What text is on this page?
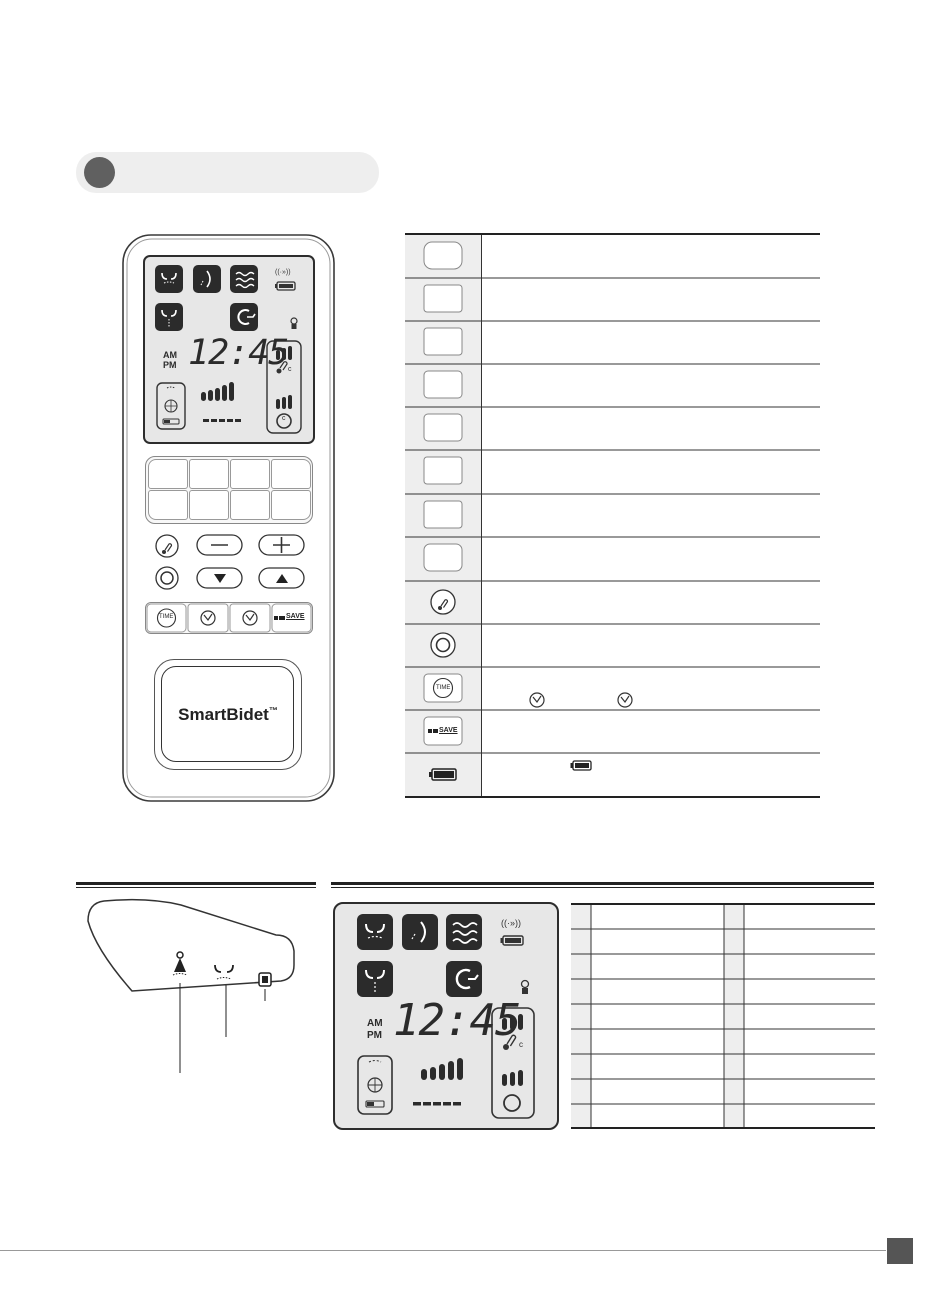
((·»))
12:45
AM
PM	c
c
TIME	SAVE
SmartBidet™
TIME
SAVE
((·»))
12:45
AM
PM
c
